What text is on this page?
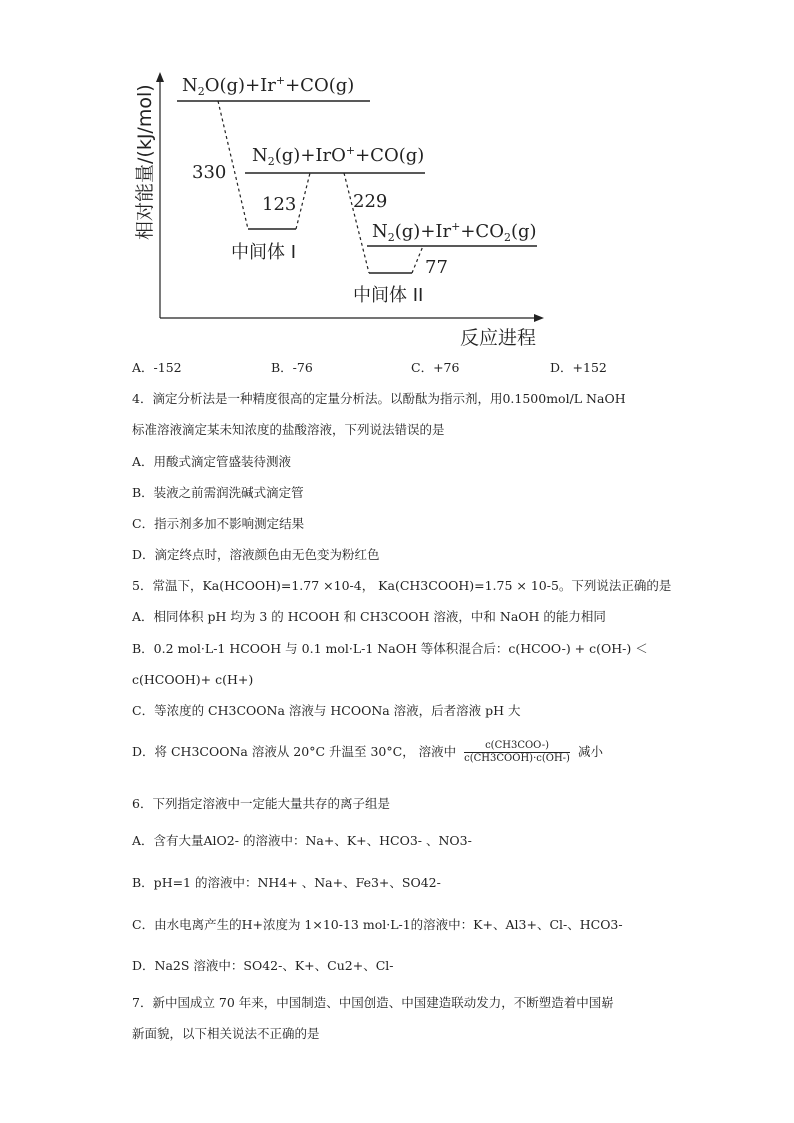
相对能量/(kJ/mol)
反应进程
$N_2O(g)+Ir^++CO(g)$
$N_2(g)+IrO^++CO(g)$
$N_2(g)+Ir^++CO_2(g)$
330
123	229
77
中间体 I
中间体 II
A．-152	B．-76	C．+76	D．+152
4．滴定分析法是一种精度很高的定量分析法。以酚酞为指示剂，用0.1500mol/L NaOH
标准溶液滴定某未知浓度的盐酸溶液，下列说法错误的是
A．用酸式滴定管盛装待测液
B．装液之前需润洗碱式滴定管
C．指示剂多加不影响测定结果
D．滴定终点时，溶液颜色由无色变为粉红色
5．常温下，Ka(HCOOH)=1.77 ×10-4， Ka(CH3COOH)=1.75 × 10-5。下列说法正确的是
A．相同体积 pH 均为 3 的 HCOOH 和 CH3COOH 溶液，中和 NaOH 的能力相同
B．0.2 mol·L-1 HCOOH 与 0.1 mol·L-1 NaOH 等体积混合后：c(HCOO-) + c(OH-) ＜
c(HCOOH)+ c(H+)
C．等浓度的 CH3COONa 溶液与 HCOONa 溶液，后者溶液 pH 大
D．将 CH3COONa 溶液从 20°C 升温至 30°C， 溶液中 $\frac{\text{c(CH3COO-)}}{\text{c(CH3COOH)·c(OH-)}}$ 减小
6．下列指定溶液中一定能大量共存的离子组是
A．含有大量AlO2- 的溶液中：Na+、K+、HCO3- 、NO3-
B．pH=1 的溶液中：NH4+ 、Na+、Fe3+、SO42-
C．由水电离产生的H+浓度为 1×10-13 mol·L-1的溶液中：K+、Al3+、Cl-、HCO3-
D．Na2S 溶液中：SO42-、K+、Cu2+、Cl-
7．新中国成立 70 年来，中国制造、中国创造、中国建造联动发力，不断塑造着中国崭
新面貌，以下相关说法不正确的是
